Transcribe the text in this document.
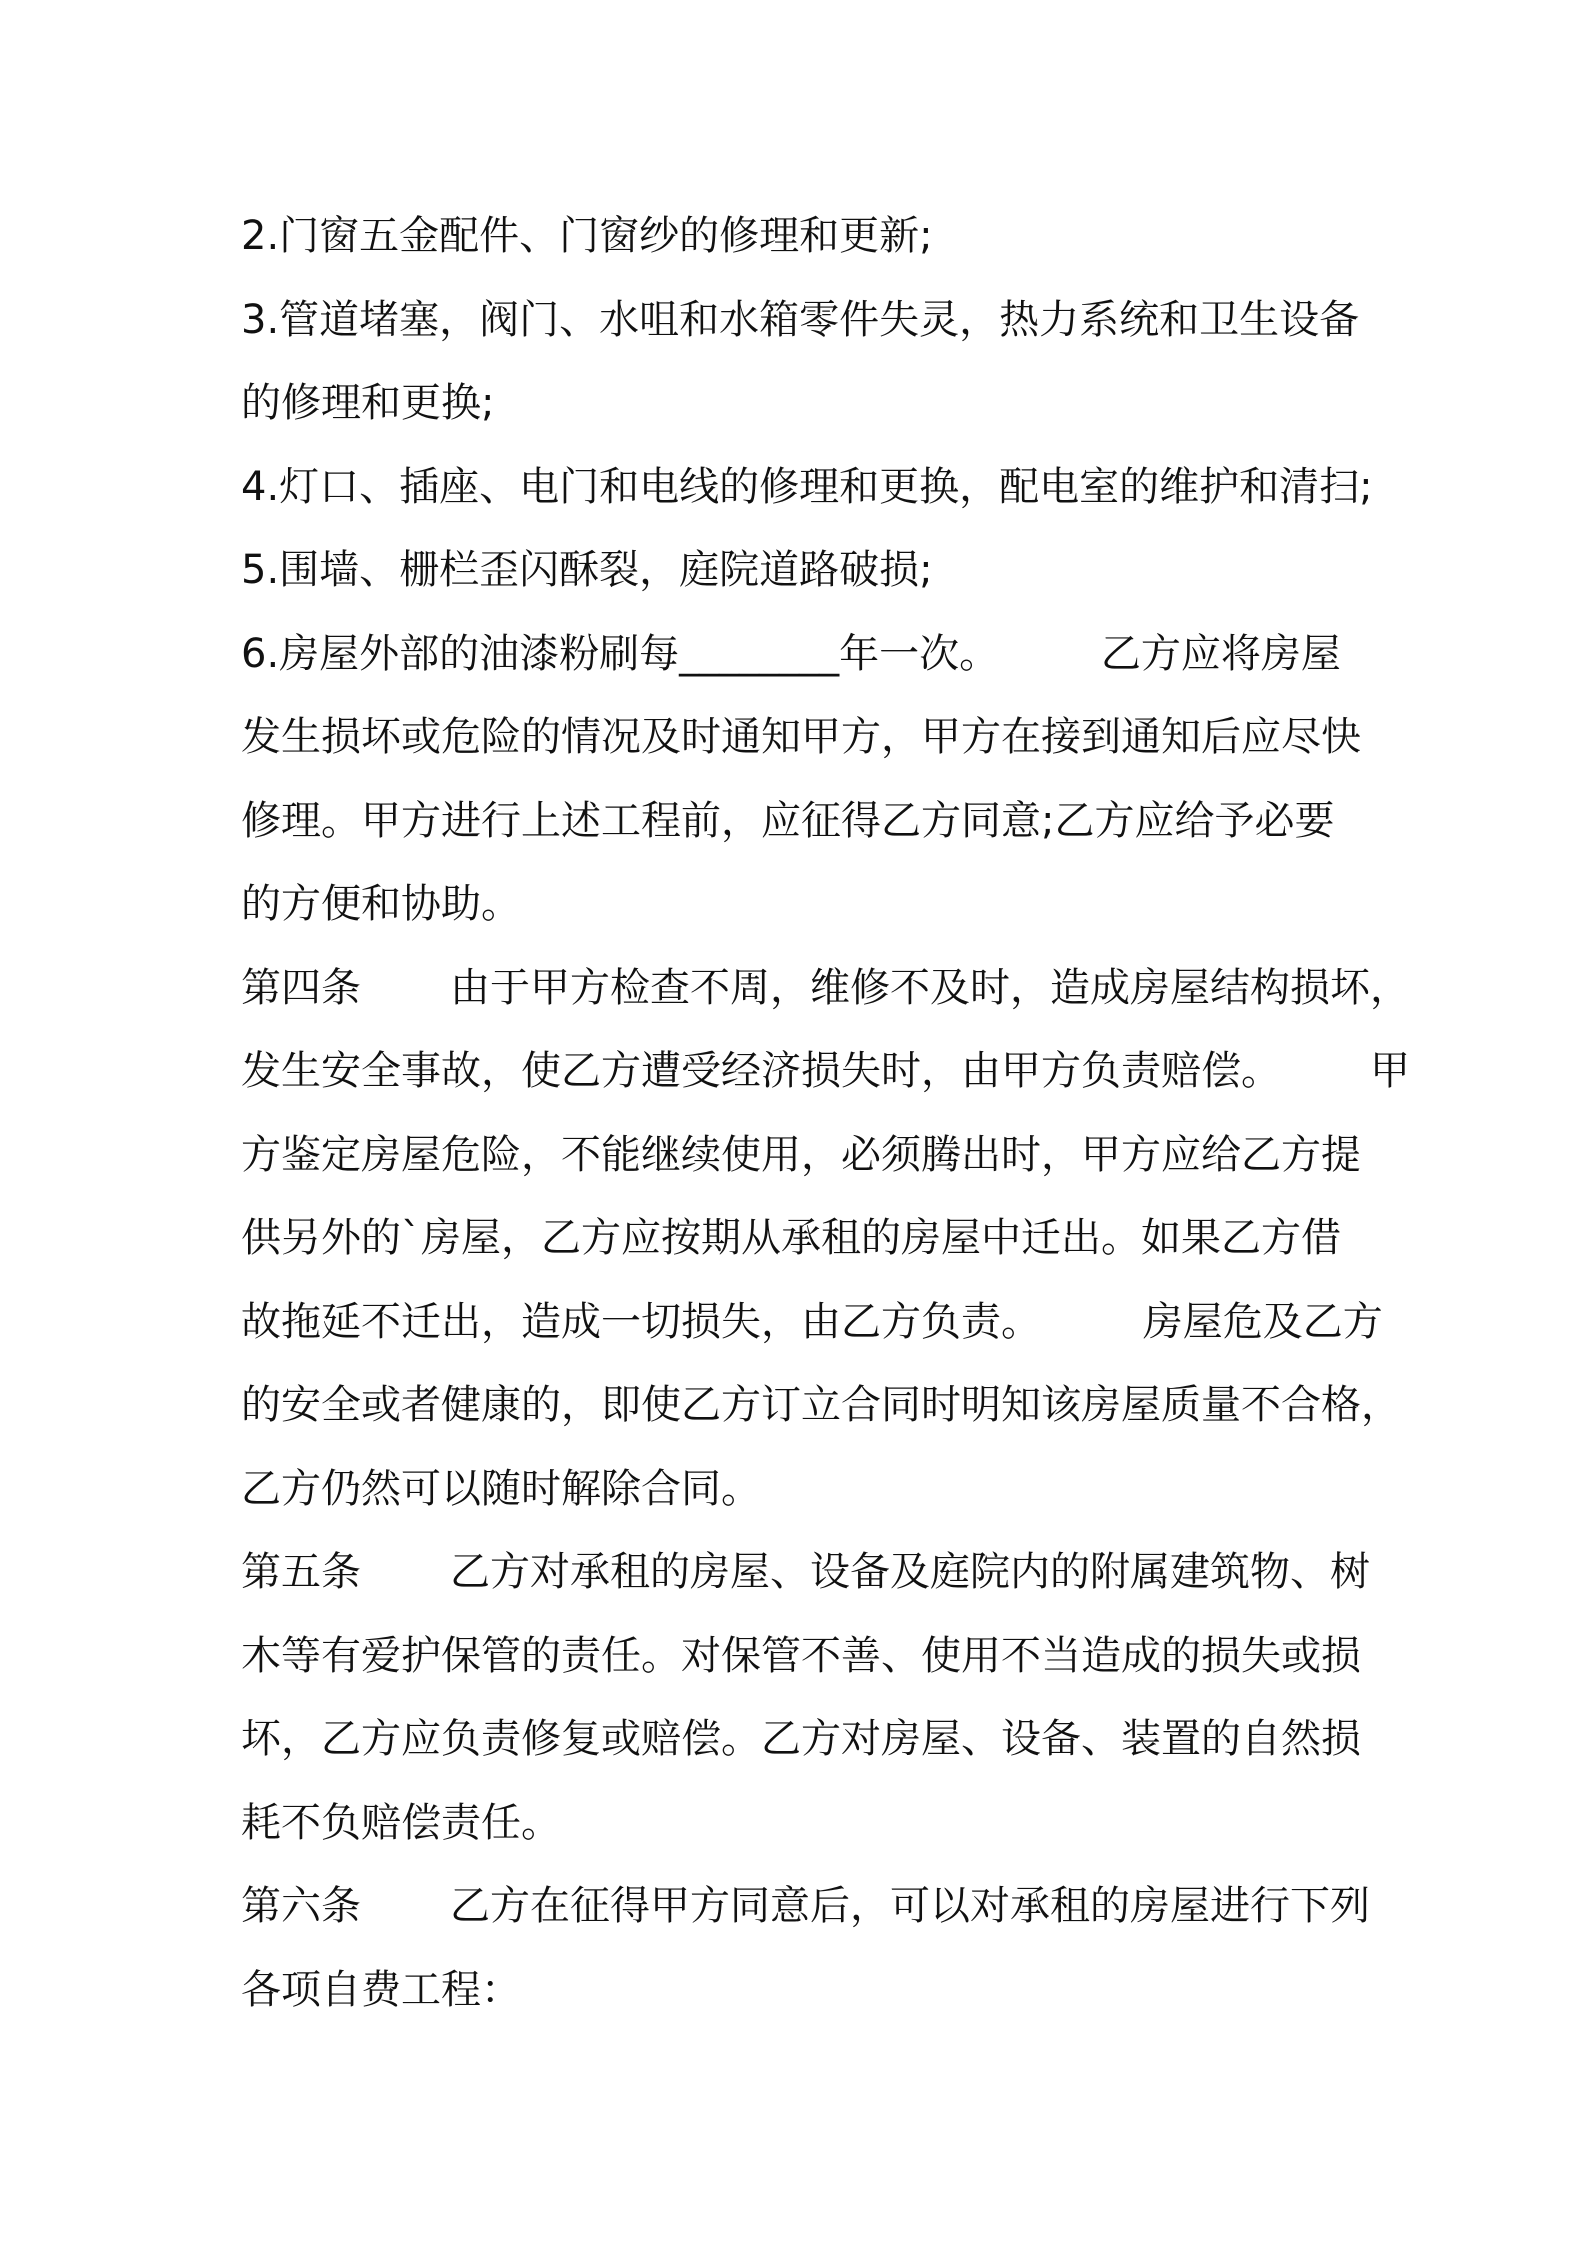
2.门窗五金配件、门窗纱的修理和更新;
3.管道堵塞，阀门、水咀和水箱零件失灵，热力系统和卫生设备
的修理和更换;
4.灯口、插座、电门和电线的修理和更换，配电室的维护和清扫;
5.围墙、栅栏歪闪酥裂，庭院道路破损;
6.房屋外部的油漆粉刷每________年一次。        乙方应将房屋
发生损坏或危险的情况及时通知甲方，甲方在接到通知后应尽快
修理。甲方进行上述工程前，应征得乙方同意;乙方应给予必要
的方便和协助。
第四条       由于甲方检查不周，维修不及时，造成房屋结构损坏，
发生安全事故，使乙方遭受经济损失时，由甲方负责赔偿。       甲
方鉴定房屋危险，不能继续使用，必须腾出时，甲方应给乙方提
供另外的`房屋，乙方应按期从承租的房屋中迁出。如果乙方借
故拖延不迁出，造成一切损失，由乙方负责。        房屋危及乙方
的安全或者健康的，即使乙方订立合同时明知该房屋质量不合格，
乙方仍然可以随时解除合同。
第五条       乙方对承租的房屋、设备及庭院内的附属建筑物、树
木等有爱护保管的责任。对保管不善、使用不当造成的损失或损
坏，乙方应负责修复或赔偿。乙方对房屋、设备、装置的自然损
耗不负赔偿责任。
第六条       乙方在征得甲方同意后，可以对承租的房屋进行下列
各项自费工程：
